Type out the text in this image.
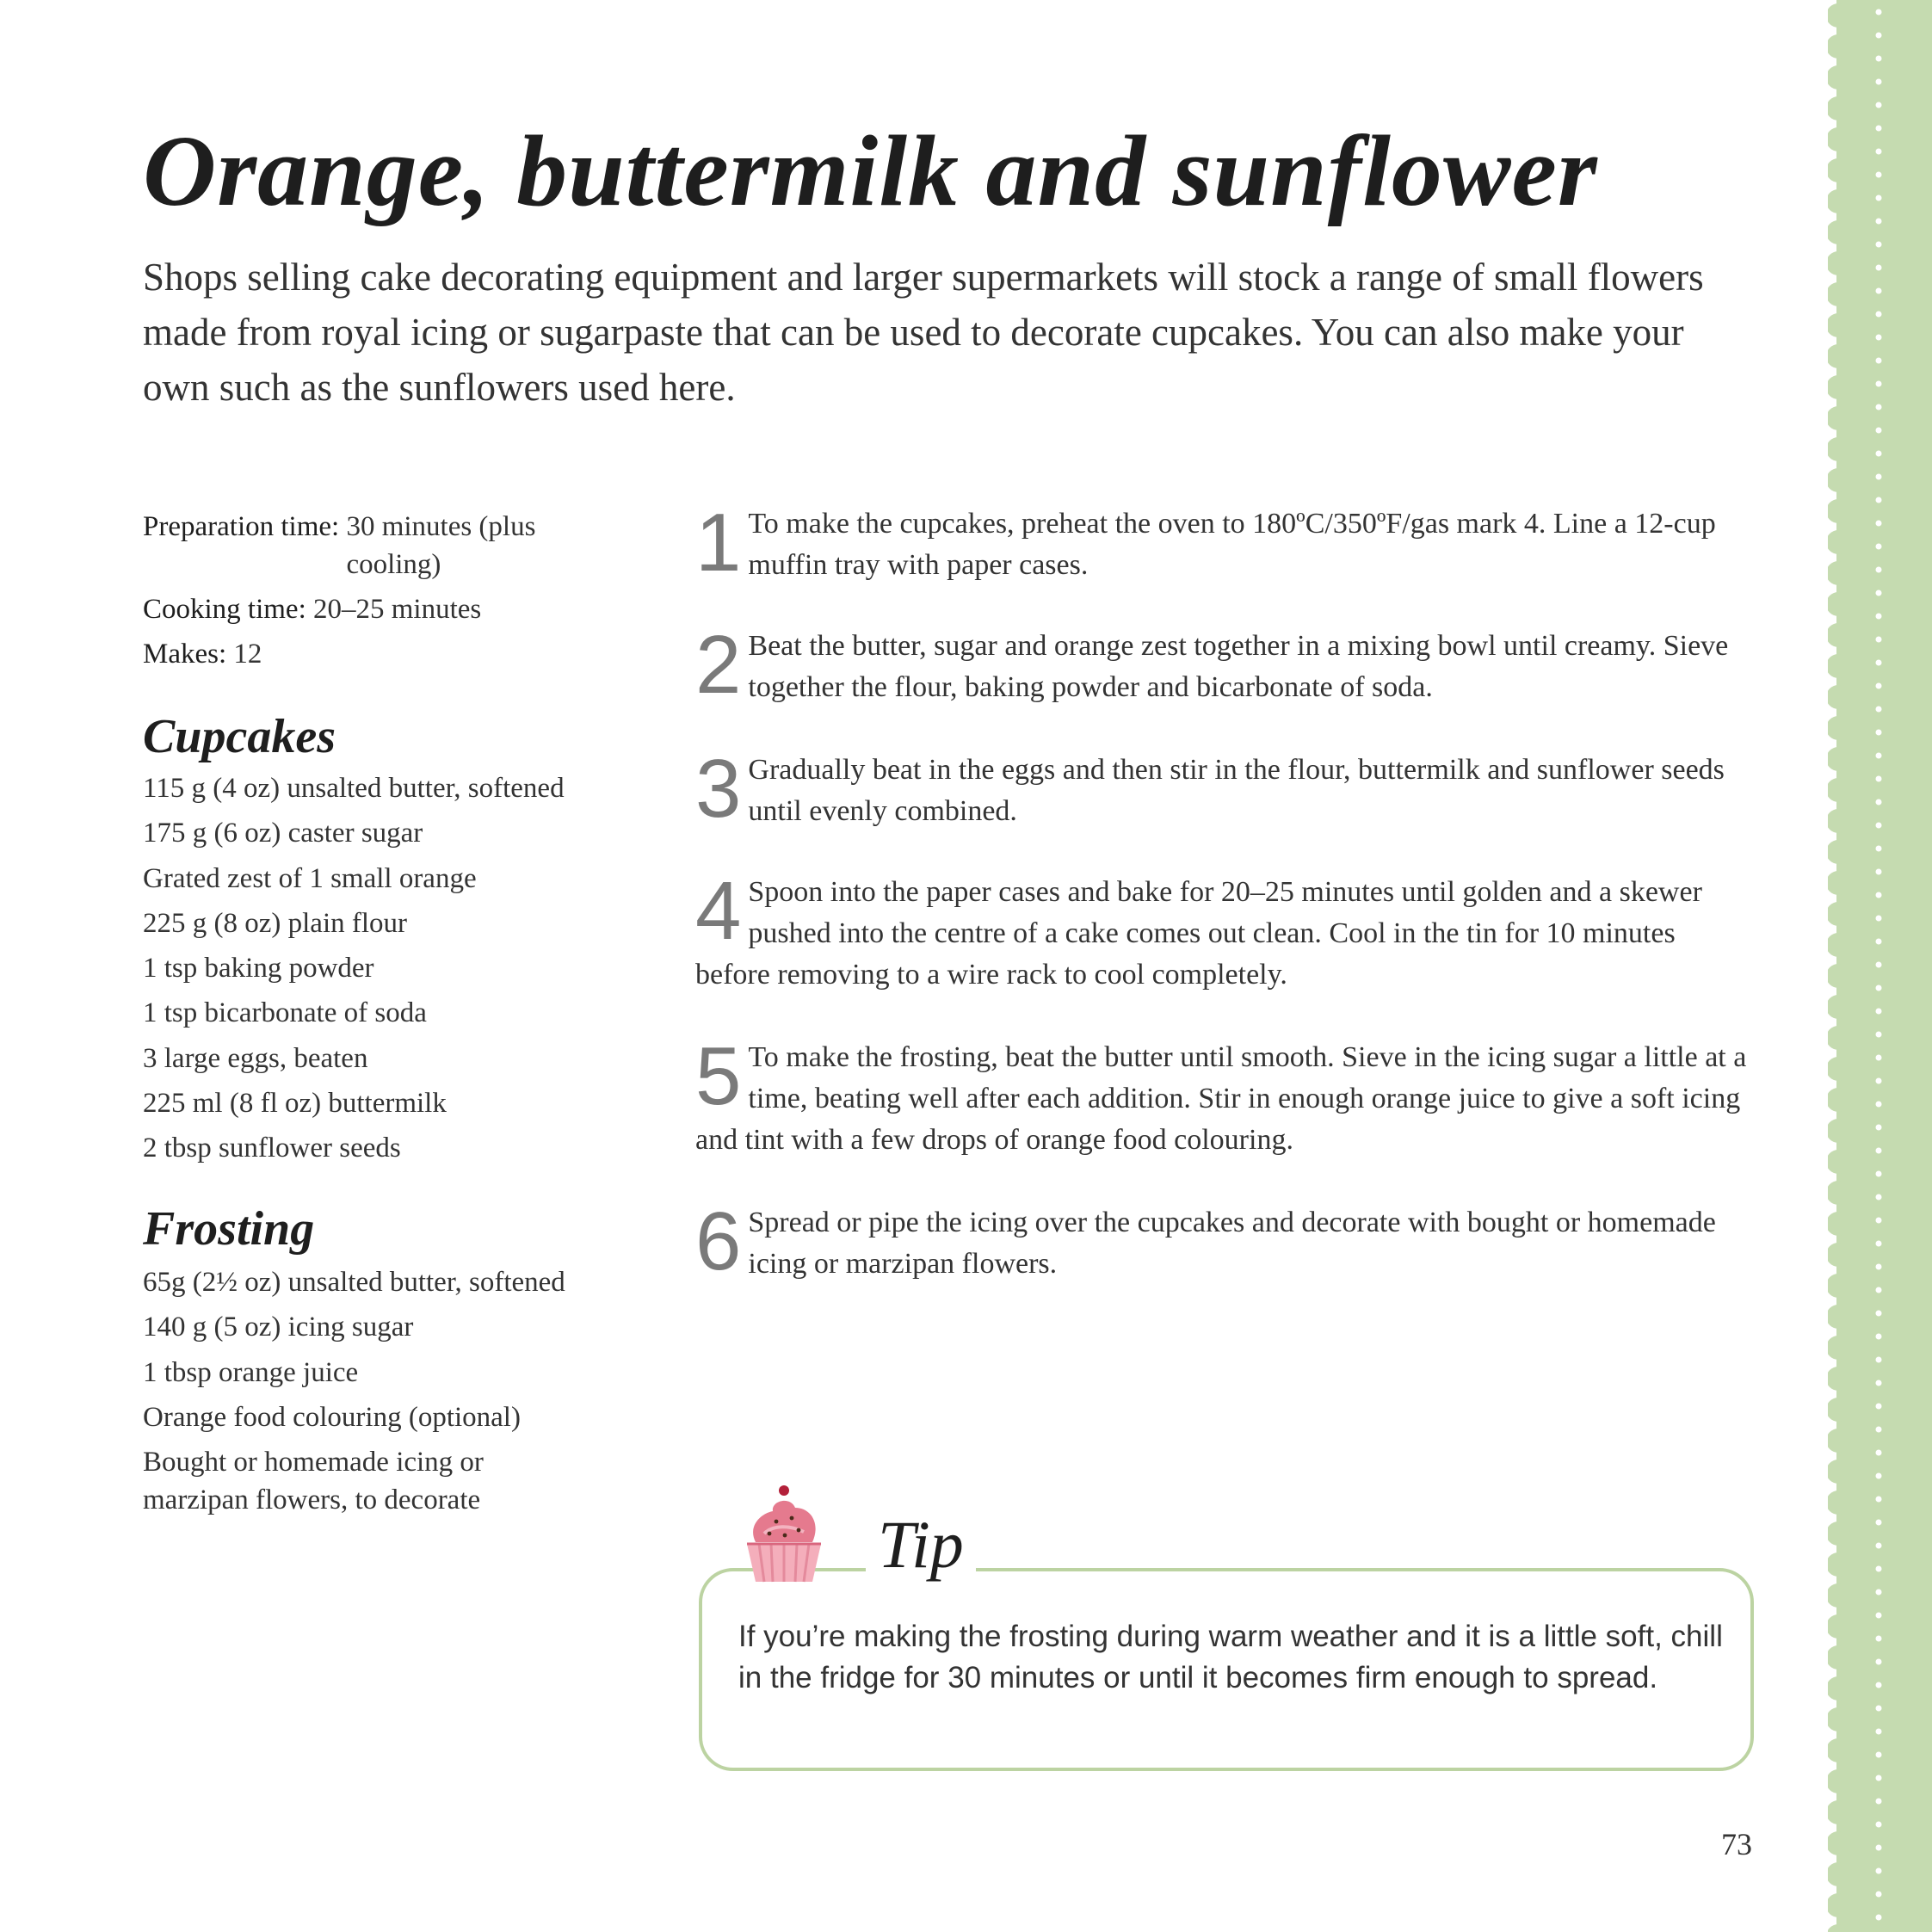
Orange, buttermilk and sunflower

Shops selling cake decorating equipment and larger supermarkets will stock a range of small flowers made from royal icing or sugarpaste that can be used to decorate cupcakes. You can also make your own such as the sunflowers used here.

Preparation time: 30 minutes (plus cooling)

Cooking time: 20–25 minutes

Makes: 12

Cupcakes
115 g (4 oz) unsalted butter, softened
175 g (6 oz) caster sugar
Grated zest of 1 small orange
225 g (8 oz) plain flour
1 tsp baking powder
1 tsp bicarbonate of soda
3 large eggs, beaten
225 ml (8 fl oz) buttermilk
2 tbsp sunflower seeds
Frosting
65g (2½ oz) unsalted butter, softened
140 g (5 oz) icing sugar
1 tbsp orange juice
Orange food colouring (optional)
Bought or homemade icing or marzipan flowers, to decorate
1 To make the cupcakes, preheat the oven to 180ºC/350ºF/gas mark 4. Line a 12-cup muffin tray with paper cases.
2 Beat the butter, sugar and orange zest together in a mixing bowl until creamy. Sieve together the flour, baking powder and bicarbonate of soda.
3 Gradually beat in the eggs and then stir in the flour, buttermilk and sunflower seeds until evenly combined.
4 Spoon into the paper cases and bake for 20–25 minutes until golden and a skewer pushed into the centre of a cake comes out clean. Cool in the tin for 10 minutes before removing to a wire rack to cool completely.
5 To make the frosting, beat the butter until smooth. Sieve in the icing sugar a little at a time, beating well after each addition. Stir in enough orange juice to give a soft icing and tint with a few drops of orange food colouring.
6 Spread or pipe the icing over the cupcakes and decorate with bought or homemade icing or marzipan flowers.
Tip

If you’re making the frosting during warm weather and it is a little soft, chill in the fridge for 30 minutes or until it becomes firm enough to spread.

73
